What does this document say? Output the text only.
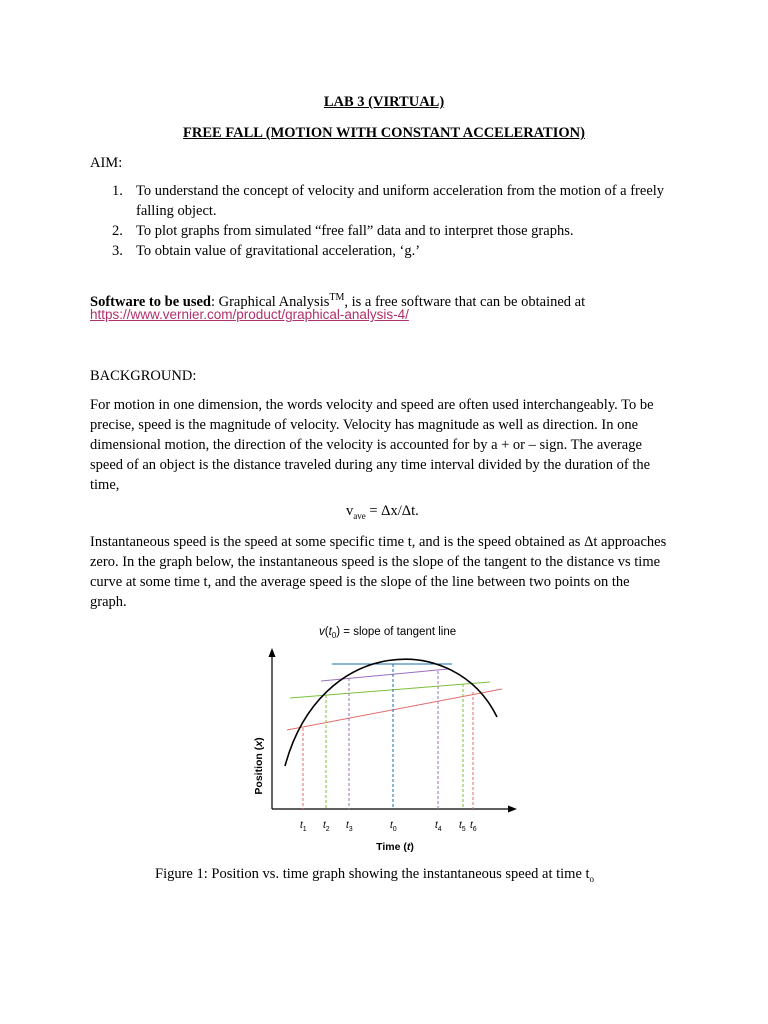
LAB 3 (VIRTUAL)
FREE FALL (MOTION WITH CONSTANT ACCELERATION)
AIM:
1. To understand the concept of velocity and uniform acceleration from the motion of a freely falling object.
2. To plot graphs from simulated “free fall” data and to interpret those graphs.
3. To obtain value of gravitational acceleration, ‘g.’
Software to be used: Graphical Analysis™, is a free software that can be obtained at
https://www.vernier.com/product/graphical-analysis-4/
BACKGROUND:
For motion in one dimension, the words velocity and speed are often used interchangeably. To be precise, speed is the magnitude of velocity. Velocity has magnitude as well as direction. In one dimensional motion, the direction of the velocity is accounted for by a + or – sign. The average speed of an object is the distance traveled during any time interval divided by the duration of the time,
$v_{ave} = \Delta x/\Delta t$.
Instantaneous speed is the speed at some specific time t, and is the speed obtained as Δt approaches zero. In the graph below, the instantaneous speed is the slope of the tangent to the distance vs time curve at some time t, and the average speed is the slope of the line between two points on the graph.
$v(t_0)$ = slope of tangent line
Position (x)
Time (t)
$t_1$ $t_2$ $t_3$	$t_0$	$t_4$ $t_5$ $t_6$
Figure 1: Position vs. time graph showing the instantaneous speed at time $t_o$
